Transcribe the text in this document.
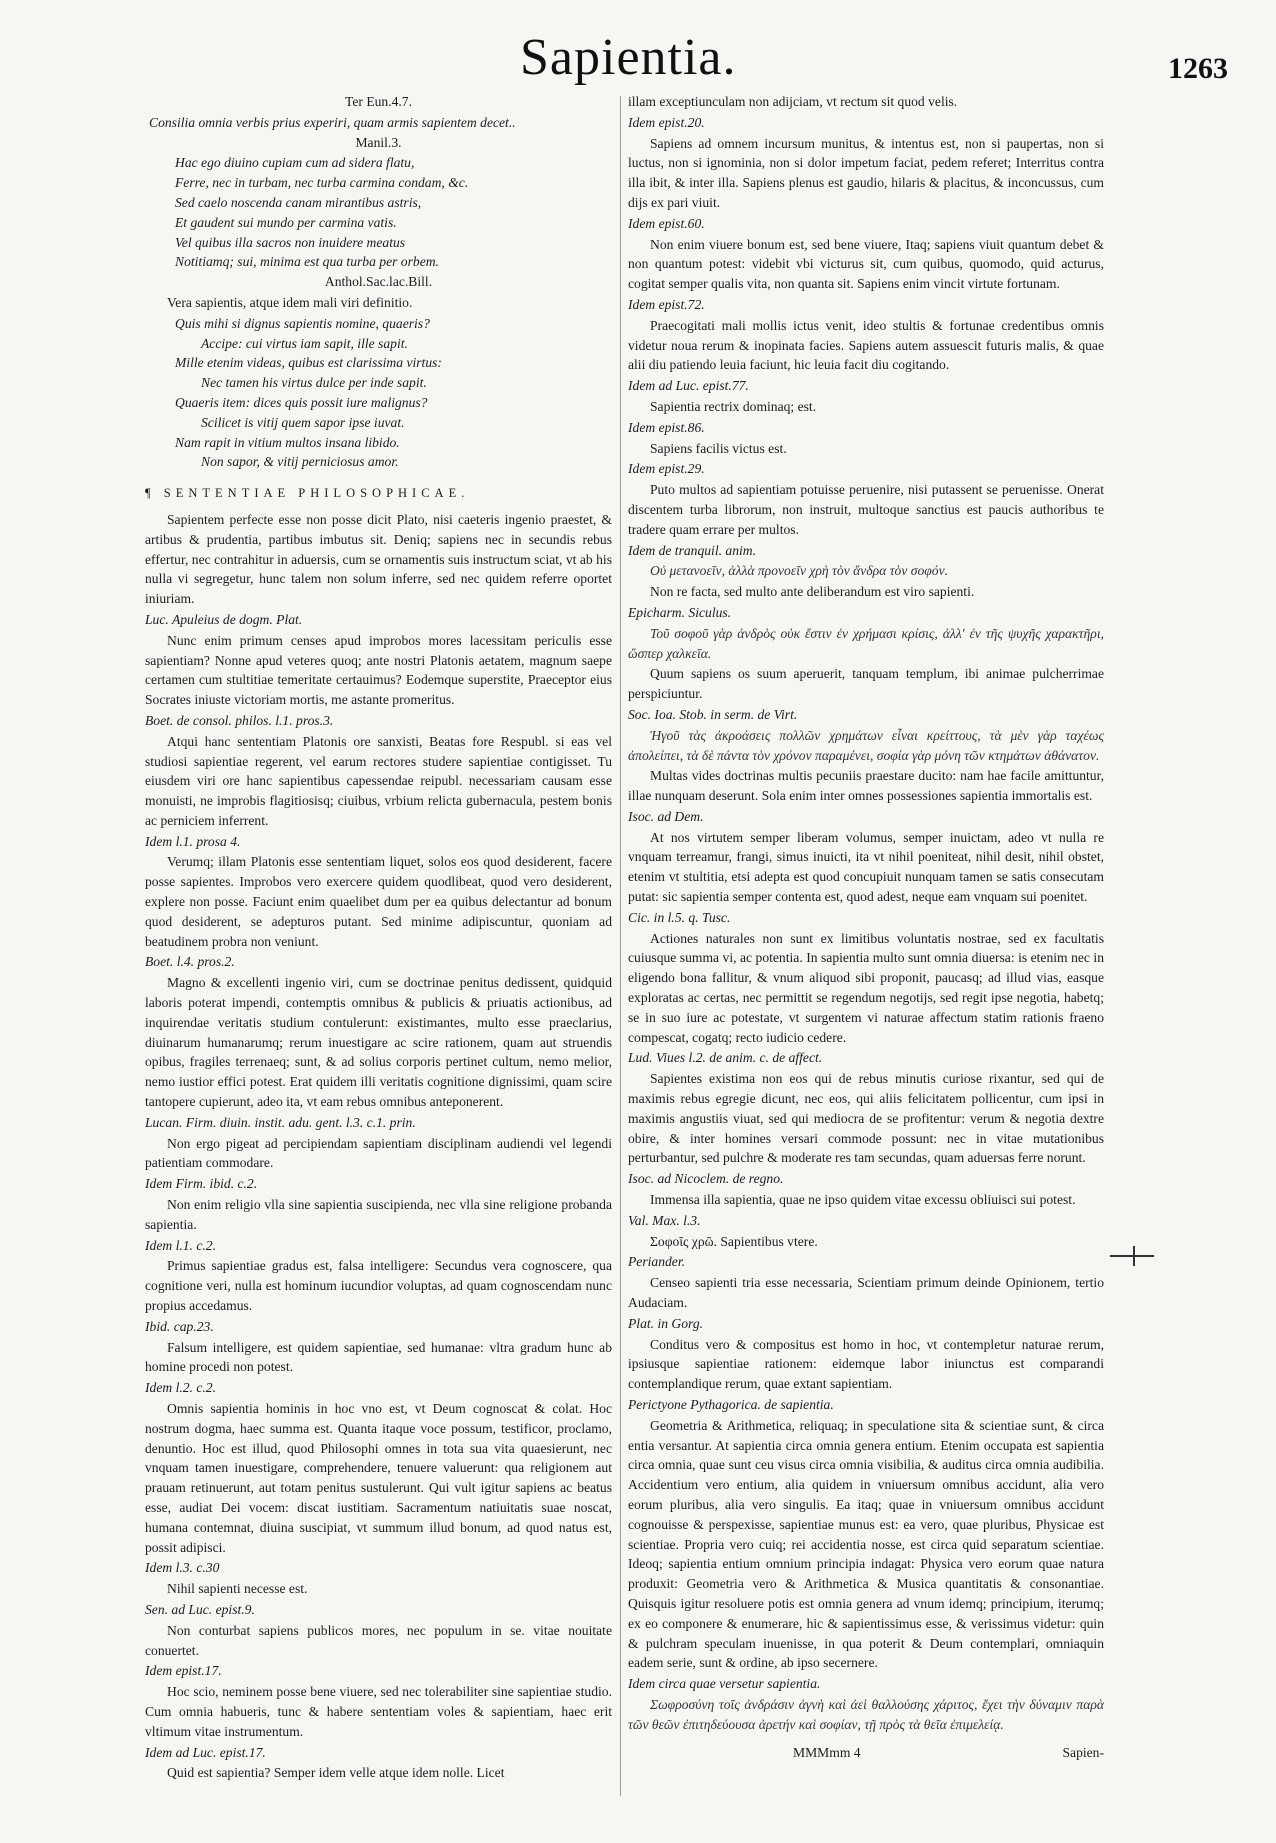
Sapientia.	1263

Ter Eun.4.7.

Consilia omnia verbis prius experiri, quam armis sapientem decet..

Manil.3.

Hac ego diuino cupiam cum ad sidera flatu,

Ferre, nec in turbam, nec turba carmina condam, &c.

Sed caelo noscenda canam mirantibus astris,

Et gaudent sui mundo per carmina vatis.

Vel quibus illa sacros non inuidere meatus

Notitiamq; sui, minima est qua turba per orbem.

Anthol.Sac.lac.Bill.

Vera sapientis, atque idem mali viri definitio.

Quis mihi si dignus sapientis nomine, quaeris?

Accipe: cui virtus iam sapit, ille sapit.

Mille etenim videas, quibus est clarissima virtus:

Nec tamen his virtus dulce per inde sapit.

Quaeris item: dices quis possit iure malignus?

Scilicet is vitij quem sapor ipse iuvat.

Nam rapit in vitium multos insana libido.

Non sapor, & vitij perniciosus amor.

¶ SENTENTIAE PHILOSOPHICAE.

Sapientem perfecte esse non posse dicit Plato, nisi caeteris ingenio praestet, & artibus & prudentia, partibus imbutus sit. Deniq; sapiens nec in secundis rebus effertur, nec contrahitur in aduersis, cum se ornamentis suis instructum sciat, vt ab his nulla vi segregetur, hunc talem non solum inferre, sed nec quidem referre oportet iniuriam.

Luc. Apuleius de dogm. Plat.

Nunc enim primum censes apud improbos mores lacessitam periculis esse sapientiam? Nonne apud veteres quoq; ante nostri Platonis aetatem, magnum saepe certamen cum stultitiae temeritate certauimus? Eodemque superstite, Praeceptor eius Socrates iniuste victoriam mortis, me astante promeritus.

Boet. de consol. philos. l.1. pros.3.

Atqui hanc sententiam Platonis ore sanxisti, Beatas fore Respubl. si eas vel studiosi sapientiae regerent, vel earum rectores studere sapientiae contigisset. Tu eiusdem viri ore hanc sapientibus capessendae reipubl. necessariam causam esse monuisti, ne improbis flagitiosisq; ciuibus, vrbium relicta gubernacula, pestem bonis ac perniciem inferrent.

Idem l.1. prosa 4.

Verumq; illam Platonis esse sententiam liquet, solos eos quod desiderent, facere posse sapientes. Improbos vero exercere quidem quodlibeat, quod vero desiderent, explere non posse. Faciunt enim quaelibet dum per ea quibus delectantur ad bonum quod desiderent, se adepturos putant. Sed minime adipiscuntur, quoniam ad beatudinem probra non veniunt.

Boet. l.4. pros.2.

Magno & excellenti ingenio viri, cum se doctrinae penitus dedissent, quidquid laboris poterat impendi, contemptis omnibus & publicis & priuatis actionibus, ad inquirendae veritatis studium contulerunt: existimantes, multo esse praeclarius, diuinarum humanarumq; rerum inuestigare ac scire rationem, quam aut struendis opibus, fragiles terrenaeq; sunt, & ad solius corporis pertinet cultum, nemo melior, nemo iustior effici potest. Erat quidem illi veritatis cognitione dignissimi, quam scire tantopere cupierunt, adeo ita, vt eam rebus omnibus anteponerent.

Lucan. Firm. diuin. instit. adu. gent. l.3. c.1. prin.

Non ergo pigeat ad percipiendam sapientiam disciplinam audiendi vel legendi patientiam commodare.

Idem Firm. ibid. c.2.

Non enim religio vlla sine sapientia suscipienda, nec vlla sine religione probanda sapientia.

Idem l.1. c.2.

Primus sapientiae gradus est, falsa intelligere: Secundus vera cognoscere, qua cognitione veri, nulla est hominum iucundior voluptas, ad quam cognoscendam nunc propius accedamus.

Ibid. cap.23.

Falsum intelligere, est quidem sapientiae, sed humanae: vltra gradum hunc ab homine procedi non potest.

Idem l.2. c.2.

Omnis sapientia hominis in hoc vno est, vt Deum cognoscat & colat. Hoc nostrum dogma, haec summa est. Quanta itaque voce possum, testificor, proclamo, denuntio. Hoc est illud, quod Philosophi omnes in tota sua vita quaesierunt, nec vnquam tamen inuestigare, comprehendere, tenuere valuerunt: qua religionem aut prauam retinuerunt, aut totam penitus sustulerunt. Qui vult igitur sapiens ac beatus esse, audiat Dei vocem: discat iustitiam. Sacramentum natiuitatis suae noscat, humana contemnat, diuina suscipiat, vt summum illud bonum, ad quod natus est, possit adipisci.

Idem l.3. c.30

Nihil sapienti necesse est.

Sen. ad Luc. epist.9.

Non conturbat sapiens publicos mores, nec populum in se. vitae nouitate conuertet.

Idem epist.17.

Hoc scio, neminem posse bene viuere, sed nec tolerabiliter sine sapientiae studio. Cum omnia habueris, tunc & habere sententiam voles & sapientiam, haec erit vltimum vitae instrumentum.

Idem ad Luc. epist.17.

Quid est sapientia? Semper idem velle atque idem nolle. Licet

illam exceptiunculam non adijciam, vt rectum sit quod velis.

Idem epist.20.

Sapiens ad omnem incursum munitus, & intentus est, non si paupertas, non si luctus, non si ignominia, non si dolor impetum faciat, pedem referet; Interritus contra illa ibit, & inter illa. Sapiens plenus est gaudio, hilaris & placitus, & inconcussus, cum dijs ex pari viuit.

Idem epist.60.

Non enim viuere bonum est, sed bene viuere, Itaq; sapiens viuit quantum debet & non quantum potest: videbit vbi victurus sit, cum quibus, quomodo, quid acturus, cogitat semper qualis vita, non quanta sit. Sapiens enim vincit virtute fortunam.

Idem epist.72.

Praecogitati mali mollis ictus venit, ideo stultis & fortunae credentibus omnis videtur noua rerum & inopinata facies. Sapiens autem assuescit futuris malis, & quae alii diu patiendo leuia faciunt, hic leuia facit diu cogitando.

Idem ad Luc. epist.77.

Sapientia rectrix dominaq; est.

Idem epist.86.

Sapiens facilis victus est.

Idem epist.29.

Puto multos ad sapientiam potuisse peruenire, nisi putassent se peruenisse. Onerat discentem turba librorum, non instruit, multoque sanctius est paucis authoribus te tradere quam errare per multos.

Idem de tranquil. anim.

Οὐ μετανοεῖν, ἀλλὰ προνοεῖν χρὴ τὸν ἄνδρα τὸν σοφόν.

Non re facta, sed multo ante deliberandum est viro sapienti.

Epicharm. Siculus.

Τοῦ σοφοῦ γὰρ ἀνδρὸς οὐκ ἔστιν ἐν χρήμασι κρίσις, ἀλλ' ἐν τῆς ψυχῆς χαρακτῆρι, ὥσπερ χαλκεῖα.

Quum sapiens os suum aperuerit, tanquam templum, ibi animae pulcherrimae perspiciuntur.

Soc. Ioa. Stob. in serm. de Virt.

Ἡγοῦ τὰς ἀκροάσεις πολλῶν χρημάτων εἶναι κρείττους, τὰ μὲν γὰρ ταχέως ἀπολείπει, τὰ δὲ πάντα τὸν χρόνον παραμένει, σοφία γὰρ μόνη τῶν κτημάτων ἀθάνατον.

Multas vides doctrinas multis pecuniis praestare ducito: nam hae facile amittuntur, illae nunquam deserunt. Sola enim inter omnes possessiones sapientia immortalis est.

Isoc. ad Dem.

At nos virtutem semper liberam volumus, semper inuictam, adeo vt nulla re vnquam terreamur, frangi, simus inuicti, ita vt nihil poeniteat, nihil desit, nihil obstet, etenim vt stultitia, etsi adepta est quod concupiuit nunquam tamen se satis consecutam putat: sic sapientia semper contenta est, quod adest, neque eam vnquam sui poenitet.

Cic. in l.5. q. Tusc.

Actiones naturales non sunt ex limitibus voluntatis nostrae, sed ex facultatis cuiusque summa vi, ac potentia. In sapientia multo sunt omnia diuersa: is etenim nec in eligendo bona fallitur, & vnum aliquod sibi proponit, paucasq; ad illud vias, easque exploratas ac certas, nec permittit se regendum negotijs, sed regit ipse negotia, habetq; se in suo iure ac potestate, vt surgentem vi naturae affectum statim rationis fraeno compescat, cogatq; recto iudicio cedere.

Lud. Viues l.2. de anim. c. de affect.

Sapientes existima non eos qui de rebus minutis curiose rixantur, sed qui de maximis rebus egregie dicunt, nec eos, qui aliis felicitatem pollicentur, cum ipsi in maximis angustiis viuat, sed qui mediocra de se profitentur: verum & negotia dextre obire, & inter homines versari commode possunt: nec in vitae mutationibus perturbantur, sed pulchre & moderate res tam secundas, quam aduersas ferre norunt.

Isoc. ad Nicoclem. de regno.

Immensa illa sapientia, quae ne ipso quidem vitae excessu obliuisci sui potest.

Val. Max. l.3.

Σοφοῖς χρῶ. Sapientibus vtere.

Periander.

Censeo sapienti tria esse necessaria, Scientiam primum deinde Opinionem, tertio Audaciam.

Plat. in Gorg.

Conditus vero & compositus est homo in hoc, vt contempletur naturae rerum, ipsiusque sapientiae rationem: eidemque labor iniunctus est comparandi contemplandique rerum, quae extant sapientiam.

Perictyone Pythagorica. de sapientia.

Geometria & Arithmetica, reliquaq; in speculatione sita & scientiae sunt, & circa entia versantur. At sapientia circa omnia genera entium. Etenim occupata est sapientia circa omnia, quae sunt ceu visus circa omnia visibilia, & auditus circa omnia audibilia. Accidentium vero entium, alia quidem in vniuersum omnibus accidunt, alia vero eorum pluribus, alia vero singulis. Ea itaq; quae in vniuersum omnibus accidunt cognouisse & perspexisse, sapientiae munus est: ea vero, quae pluribus, Physicae est scientiae. Propria vero cuiq; rei accidentia nosse, est circa quid separatum scientiae. Ideoq; sapientia entium omnium principia indagat: Physica vero eorum quae natura produxit: Geometria vero & Arithmetica & Musica quantitatis & consonantiae. Quisquis igitur resoluere potis est omnia genera ad vnum idemq; principium, iterumq; ex eo componere & enumerare, hic & sapientissimus esse, & verissimus videtur: quin & pulchram speculam inuenisse, in qua poterit & Deum contemplari, omniaquin eadem serie, sunt & ordine, ab ipso secernere.

Idem circa quae versetur sapientia.

Σωφροσύνη τοῖς ἀνδράσιν ἁγνὴ καὶ ἀεὶ θαλλούσης χάριτος, ἔχει τὴν δύναμιν παρὰ τῶν θεῶν ἐπιτηδεύουσα ἀρετήν καὶ σοφίαν, τῇ πρὸς τὰ θεῖα ἐπιμελείᾳ.

MMMmm 4	Sapien-
